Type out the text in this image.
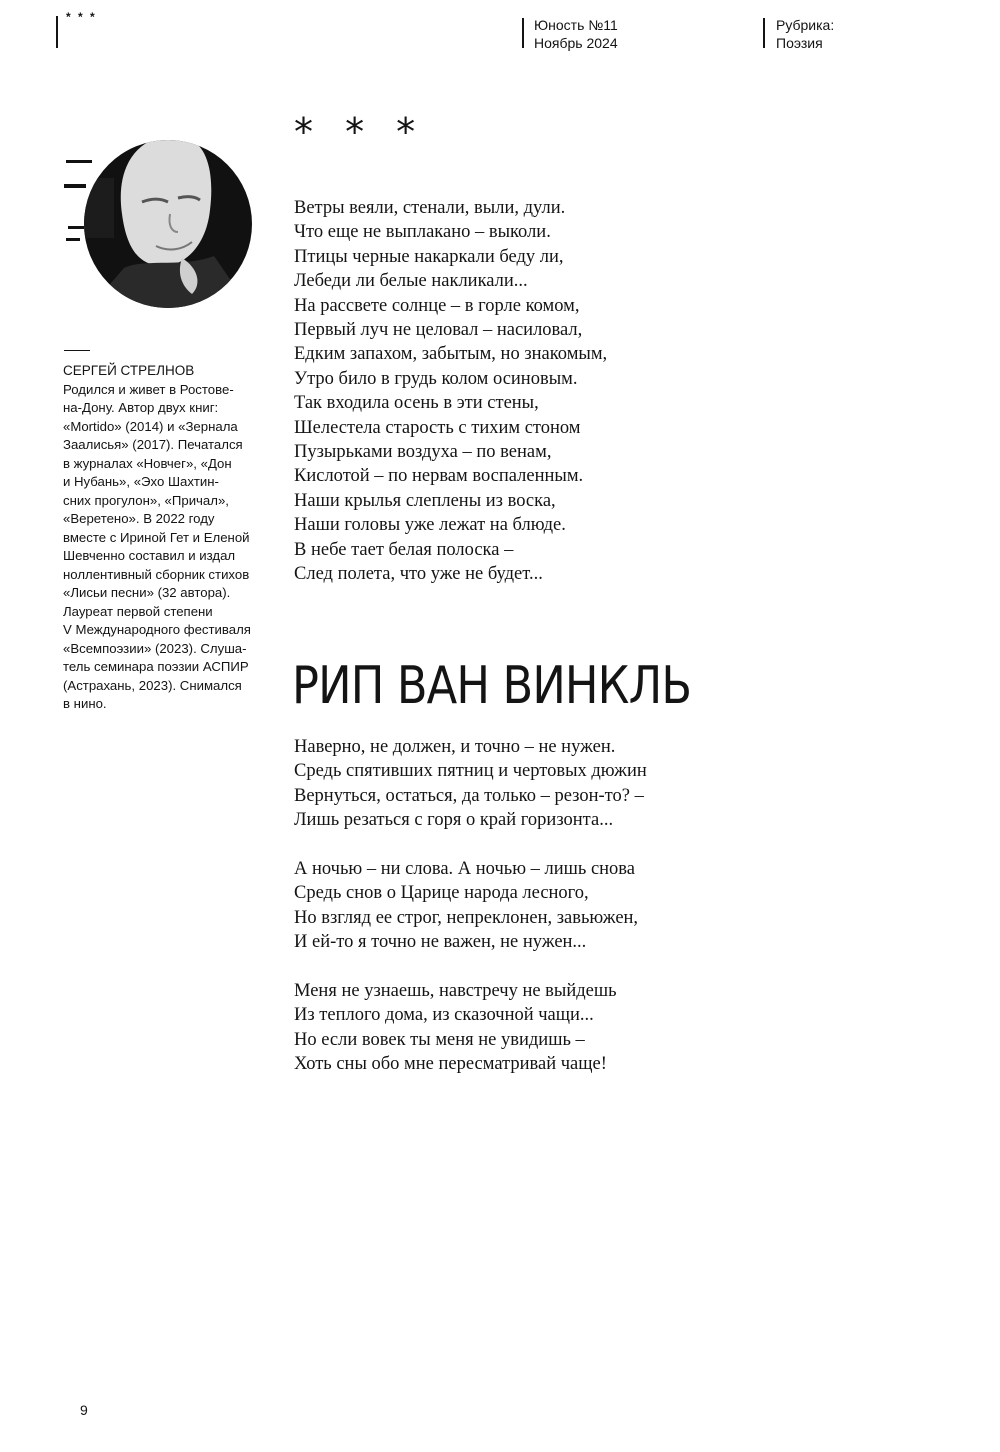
* * *	Юность №11
Ноябрь 2024
Рубрика:
Поэзия
СЕРГЕЙ СТРЕЛНОВ
Родился и живет в Ростове-
на-Дону. Автор двух книг:
«Mortido» (2014) и «Зернала
Заалисья» (2017). Печатался
в журналах «Новчег», «Дон
и Нубань», «Эхо Шахтин-
сних прогулон», «Причал»,
«Веретено». В 2022 году
вместе с Ириной Гет и Еленой
Шевченно составил и издал
ноллентивный сборник стихов
«Лисьи песни» (32 автора).
Лауреат первой степени
V Международного фестиваля
«Всемпоэзии» (2023). Слуша-
тель семинара поэзии АСПИР
(Астрахань, 2023). Снимался
в нино.
* * *
Ветры веяли, стенали, выли, дули.
Что еще не выплакано – выколи.
Птицы черные накаркали беду ли,
Лебеди ли белые накликали...
На рассвете солнце – в горле комом,
Первый луч не целовал – насиловал,
Едким запахом, забытым, но знакомым,
Утро било в грудь колом осиновым.
Так входила осень в эти стены,
Шелестела старость с тихим стоном
Пузырьками воздуха – по венам,
Кислотой – по нервам воспаленным.
Наши крылья слеплены из воска,
Наши головы уже лежат на блюде.
В небе тает белая полоска –
След полета, что уже не будет...
РИП ВАН ВИНКЛЬ
Наверно, не должен, и точно – не нужен.
Средь спятивших пятниц и чертовых дюжин
Вернуться, остаться, да только – резон-то? –
Лишь резаться с горя о край горизонта...
А ночью – ни слова. А ночью – лишь снова
Средь снов о Царице народа лесного,
Но взгляд ее строг, непреклонен, завьюжен,
И ей-то я точно не важен, не нужен...
Меня не узнаешь, навстречу не выйдешь
Из теплого дома, из сказочной чащи...
Но если вовек ты меня не увидишь –
Хоть сны обо мне пересматривай чаще!
9
